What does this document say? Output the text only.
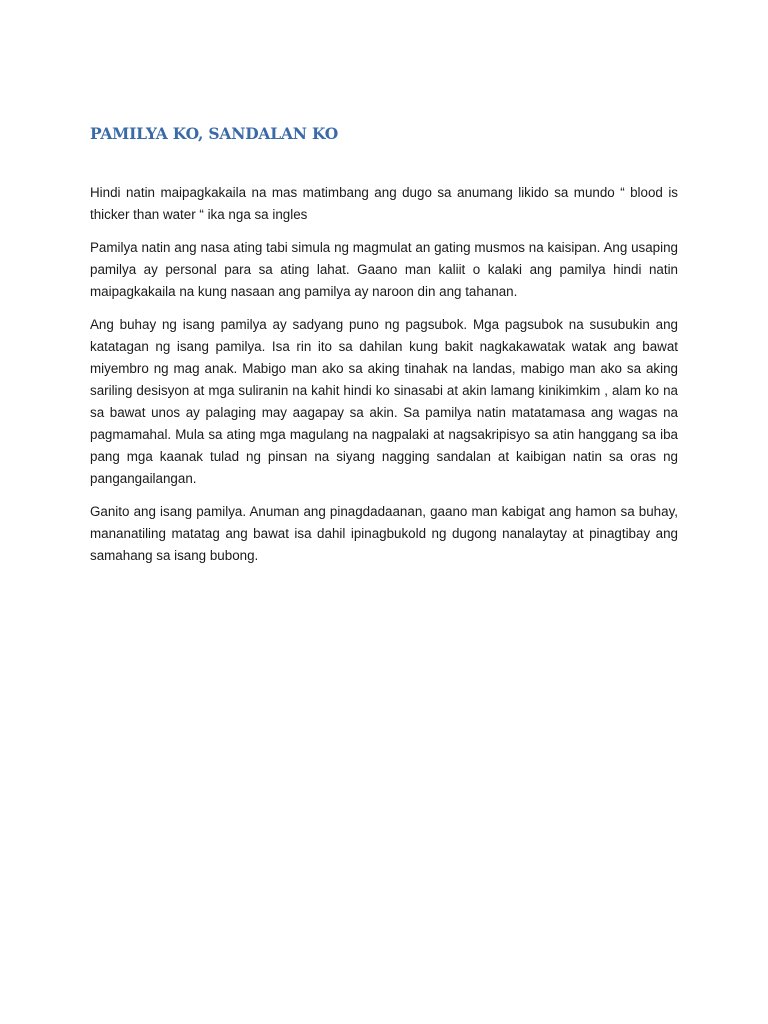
PAMILYA KO, SANDALAN KO

Hindi natin maipagkakaila na mas matimbang ang dugo sa anumang likido sa mundo “ blood is thicker than water “ ika nga sa ingles

Pamilya natin ang nasa ating tabi simula ng magmulat an gating musmos na kaisipan. Ang usaping pamilya ay personal para sa ating lahat. Gaano man kaliit o kalaki ang pamilya hindi natin maipagkakaila na kung nasaan ang pamilya ay naroon din ang tahanan.

Ang buhay ng isang pamilya ay sadyang puno ng pagsubok. Mga pagsubok na susubukin ang katatagan ng isang pamilya. Isa rin ito sa dahilan kung bakit nagkakawatak watak ang bawat miyembro ng mag anak. Mabigo man ako sa aking tinahak na landas, mabigo man ako sa aking sariling desisyon at mga suliranin na kahit hindi ko sinasabi at akin lamang kinikimkim , alam ko na sa bawat unos ay palaging may aagapay sa akin. Sa pamilya natin matatamasa ang wagas na pagmamahal. Mula sa ating mga magulang na nagpalaki at nagsakripisyo sa atin hanggang sa iba pang mga kaanak tulad ng pinsan na siyang nagging sandalan at kaibigan natin sa oras ng pangangailangan.

Ganito ang isang pamilya. Anuman ang pinagdadaanan, gaano man kabigat ang hamon sa buhay, mananatiling matatag ang bawat isa dahil ipinagbukold ng dugong nanalaytay at pinagtibay ang samahang sa isang bubong.
